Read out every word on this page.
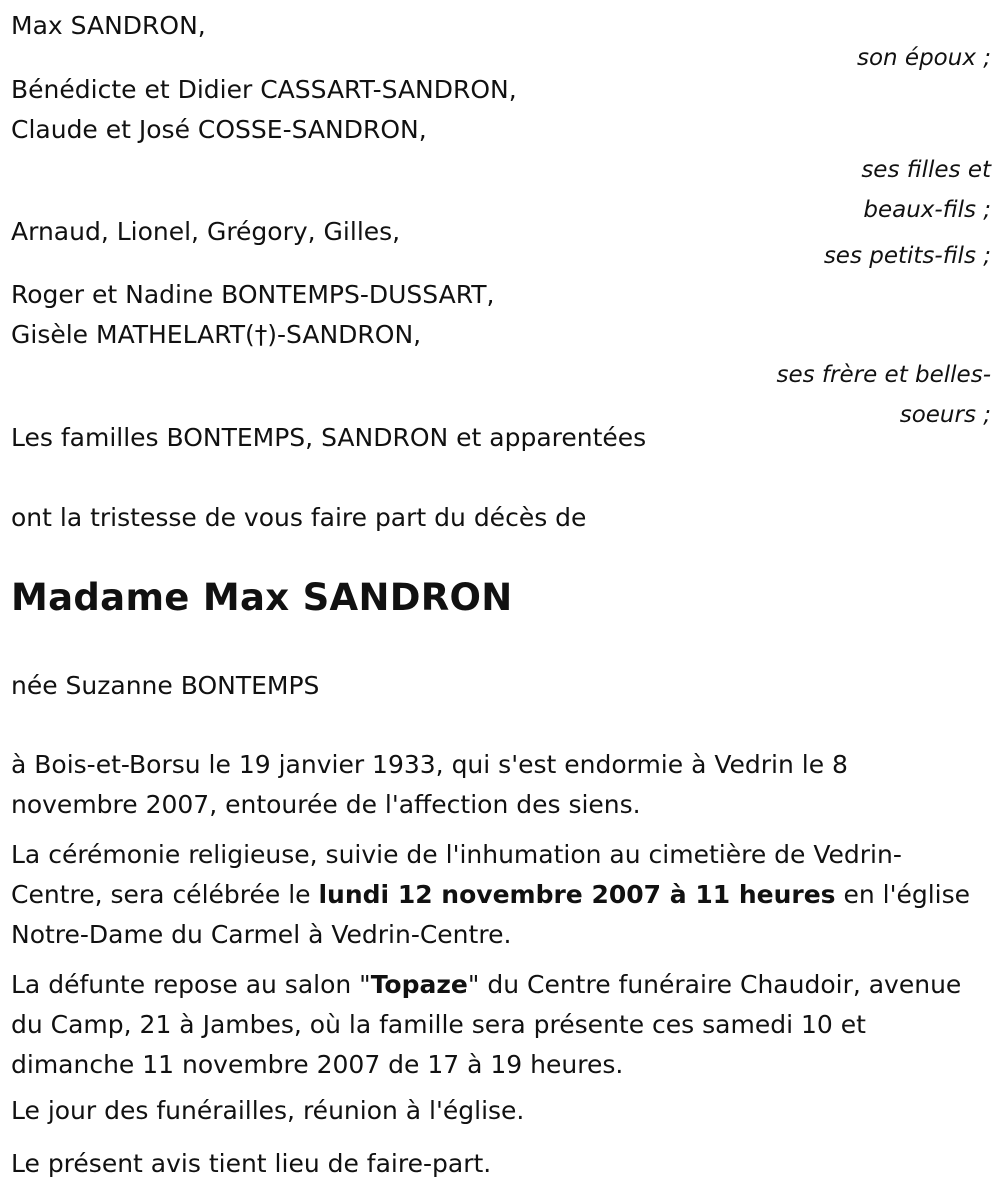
Max SANDRON,
son époux ;
Bénédicte et Didier CASSART-SANDRON,
Claude et José COSSE-SANDRON,
ses filles et
beaux-fils ;
Arnaud, Lionel, Grégory, Gilles,
ses petits-fils ;
Roger et Nadine BONTEMPS-DUSSART,
Gisèle MATHELART(†)-SANDRON,
ses frère et belles-
soeurs ;
Les familles BONTEMPS, SANDRON et apparentées
ont la tristesse de vous faire part du décès de
Madame Max SANDRON
née Suzanne BONTEMPS
à Bois-et-Borsu le 19 janvier 1933, qui s'est endormie à Vedrin le 8 novembre 2007, entourée de l'affection des siens.
La cérémonie religieuse, suivie de l'inhumation au cimetière de Vedrin-Centre, sera célébrée le lundi 12 novembre 2007 à 11 heures en l'église Notre-Dame du Carmel à Vedrin-Centre.
La défunte repose au salon "Topaze" du Centre funéraire Chaudoir, avenue du Camp, 21 à Jambes, où la famille sera présente ces samedi 10 et dimanche 11 novembre 2007 de 17 à 19 heures.
Le jour des funérailles, réunion à l'église.
Le présent avis tient lieu de faire-part.
